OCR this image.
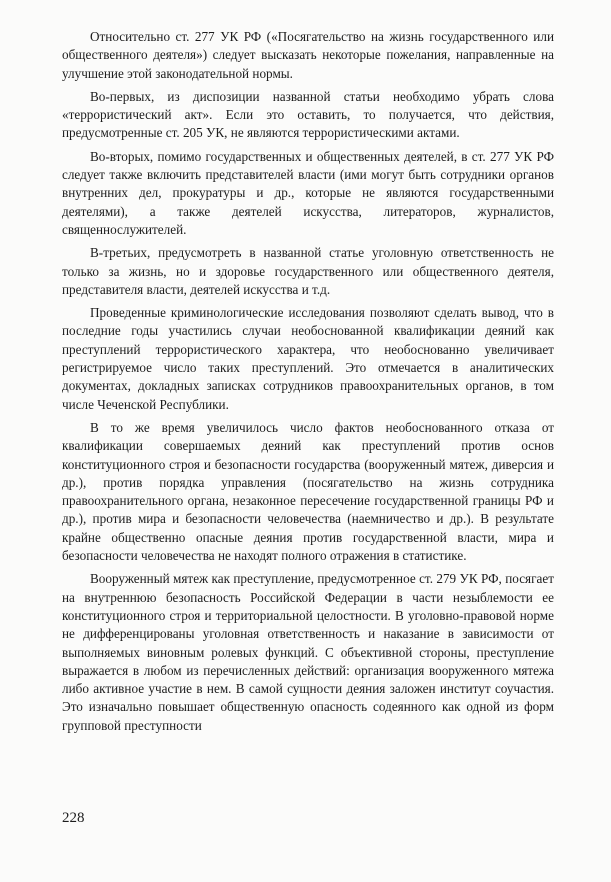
Относительно ст. 277 УК РФ («Посягательство на жизнь государственного или общественного деятеля») следует высказать некоторые пожелания, направленные на улучшение этой законодательной нормы.

Во-первых, из диспозиции названной статьи необходимо убрать слова «террористический акт». Если это оставить, то получается, что действия, предусмотренные ст. 205 УК, не являются террористическими актами.

Во-вторых, помимо государственных и общественных деятелей, в ст. 277 УК РФ следует также включить представителей власти (ими могут быть сотрудники органов внутренних дел, прокуратуры и др., которые не являются государственными деятелями), а также деятелей искусства, литераторов, журналистов, священнослужителей.

В-третьих, предусмотреть в названной статье уголовную ответственность не только за жизнь, но и здоровье государственного или общественного деятеля, представителя власти, деятелей искусства и т.д.

Проведенные криминологические исследования позволяют сделать вывод, что в последние годы участились случаи необоснованной квалификации деяний как преступлений террористического характера, что необоснованно увеличивает регистрируемое число таких преступлений. Это отмечается в аналитических документах, докладных записках сотрудников правоохранительных органов, в том числе Чеченской Республики.

В то же время увеличилось число фактов необоснованного отказа от квалификации совершаемых деяний как преступлений против основ конституционного строя и безопасности государства (вооруженный мятеж, диверсия и др.), против порядка управления (посягательство на жизнь сотрудника правоохранительного органа, незаконное пересечение государственной границы РФ и др.), против мира и безопасности человечества (наемничество и др.). В результате крайне общественно опасные деяния против государственной власти, мира и безопасности человечества не находят полного отражения в статистике.

Вооруженный мятеж как преступление, предусмотренное ст. 279 УК РФ, посягает на внутреннюю безопасность Российской Федерации в части незыблемости ее конституционного строя и территориальной целостности. В уголовно-правовой норме не дифференцированы уголовная ответственность и наказание в зависимости от выполняемых виновным ролевых функций. С объективной стороны, преступление выражается в любом из перечисленных действий: организация вооруженного мятежа либо активное участие в нем. В самой сущности деяния заложен институт соучастия. Это изначально повышает общественную опасность содеянного как одной из форм групповой преступности

228
